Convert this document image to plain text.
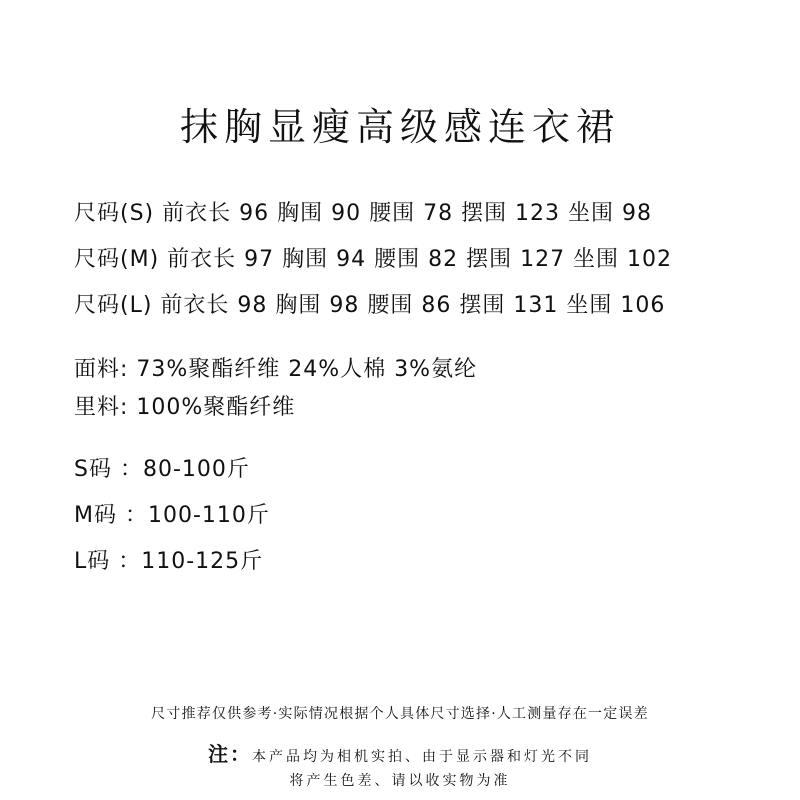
抹胸显瘦高级感连衣裙
尺码(S) 前衣长 96 胸围 90 腰围 78 摆围 123 坐围 98
尺码(M) 前衣长 97 胸围 94 腰围 82 摆围 127 坐围 102
尺码(L) 前衣长 98 胸围 98 腰围 86 摆围 131 坐围 106
面料: 73%聚酯纤维 24%人棉 3%氨纶
里料: 100%聚酯纤维
S码 ：80-100斤
M码 ：100-110斤
L码 ：110-125斤
尺寸推荐仅供参考·实际情况根据个人具体尺寸选择·人工测量存在一定误差
注：本产品均为相机实拍、由于显示器和灯光不同
将产生色差、请以收实物为准
